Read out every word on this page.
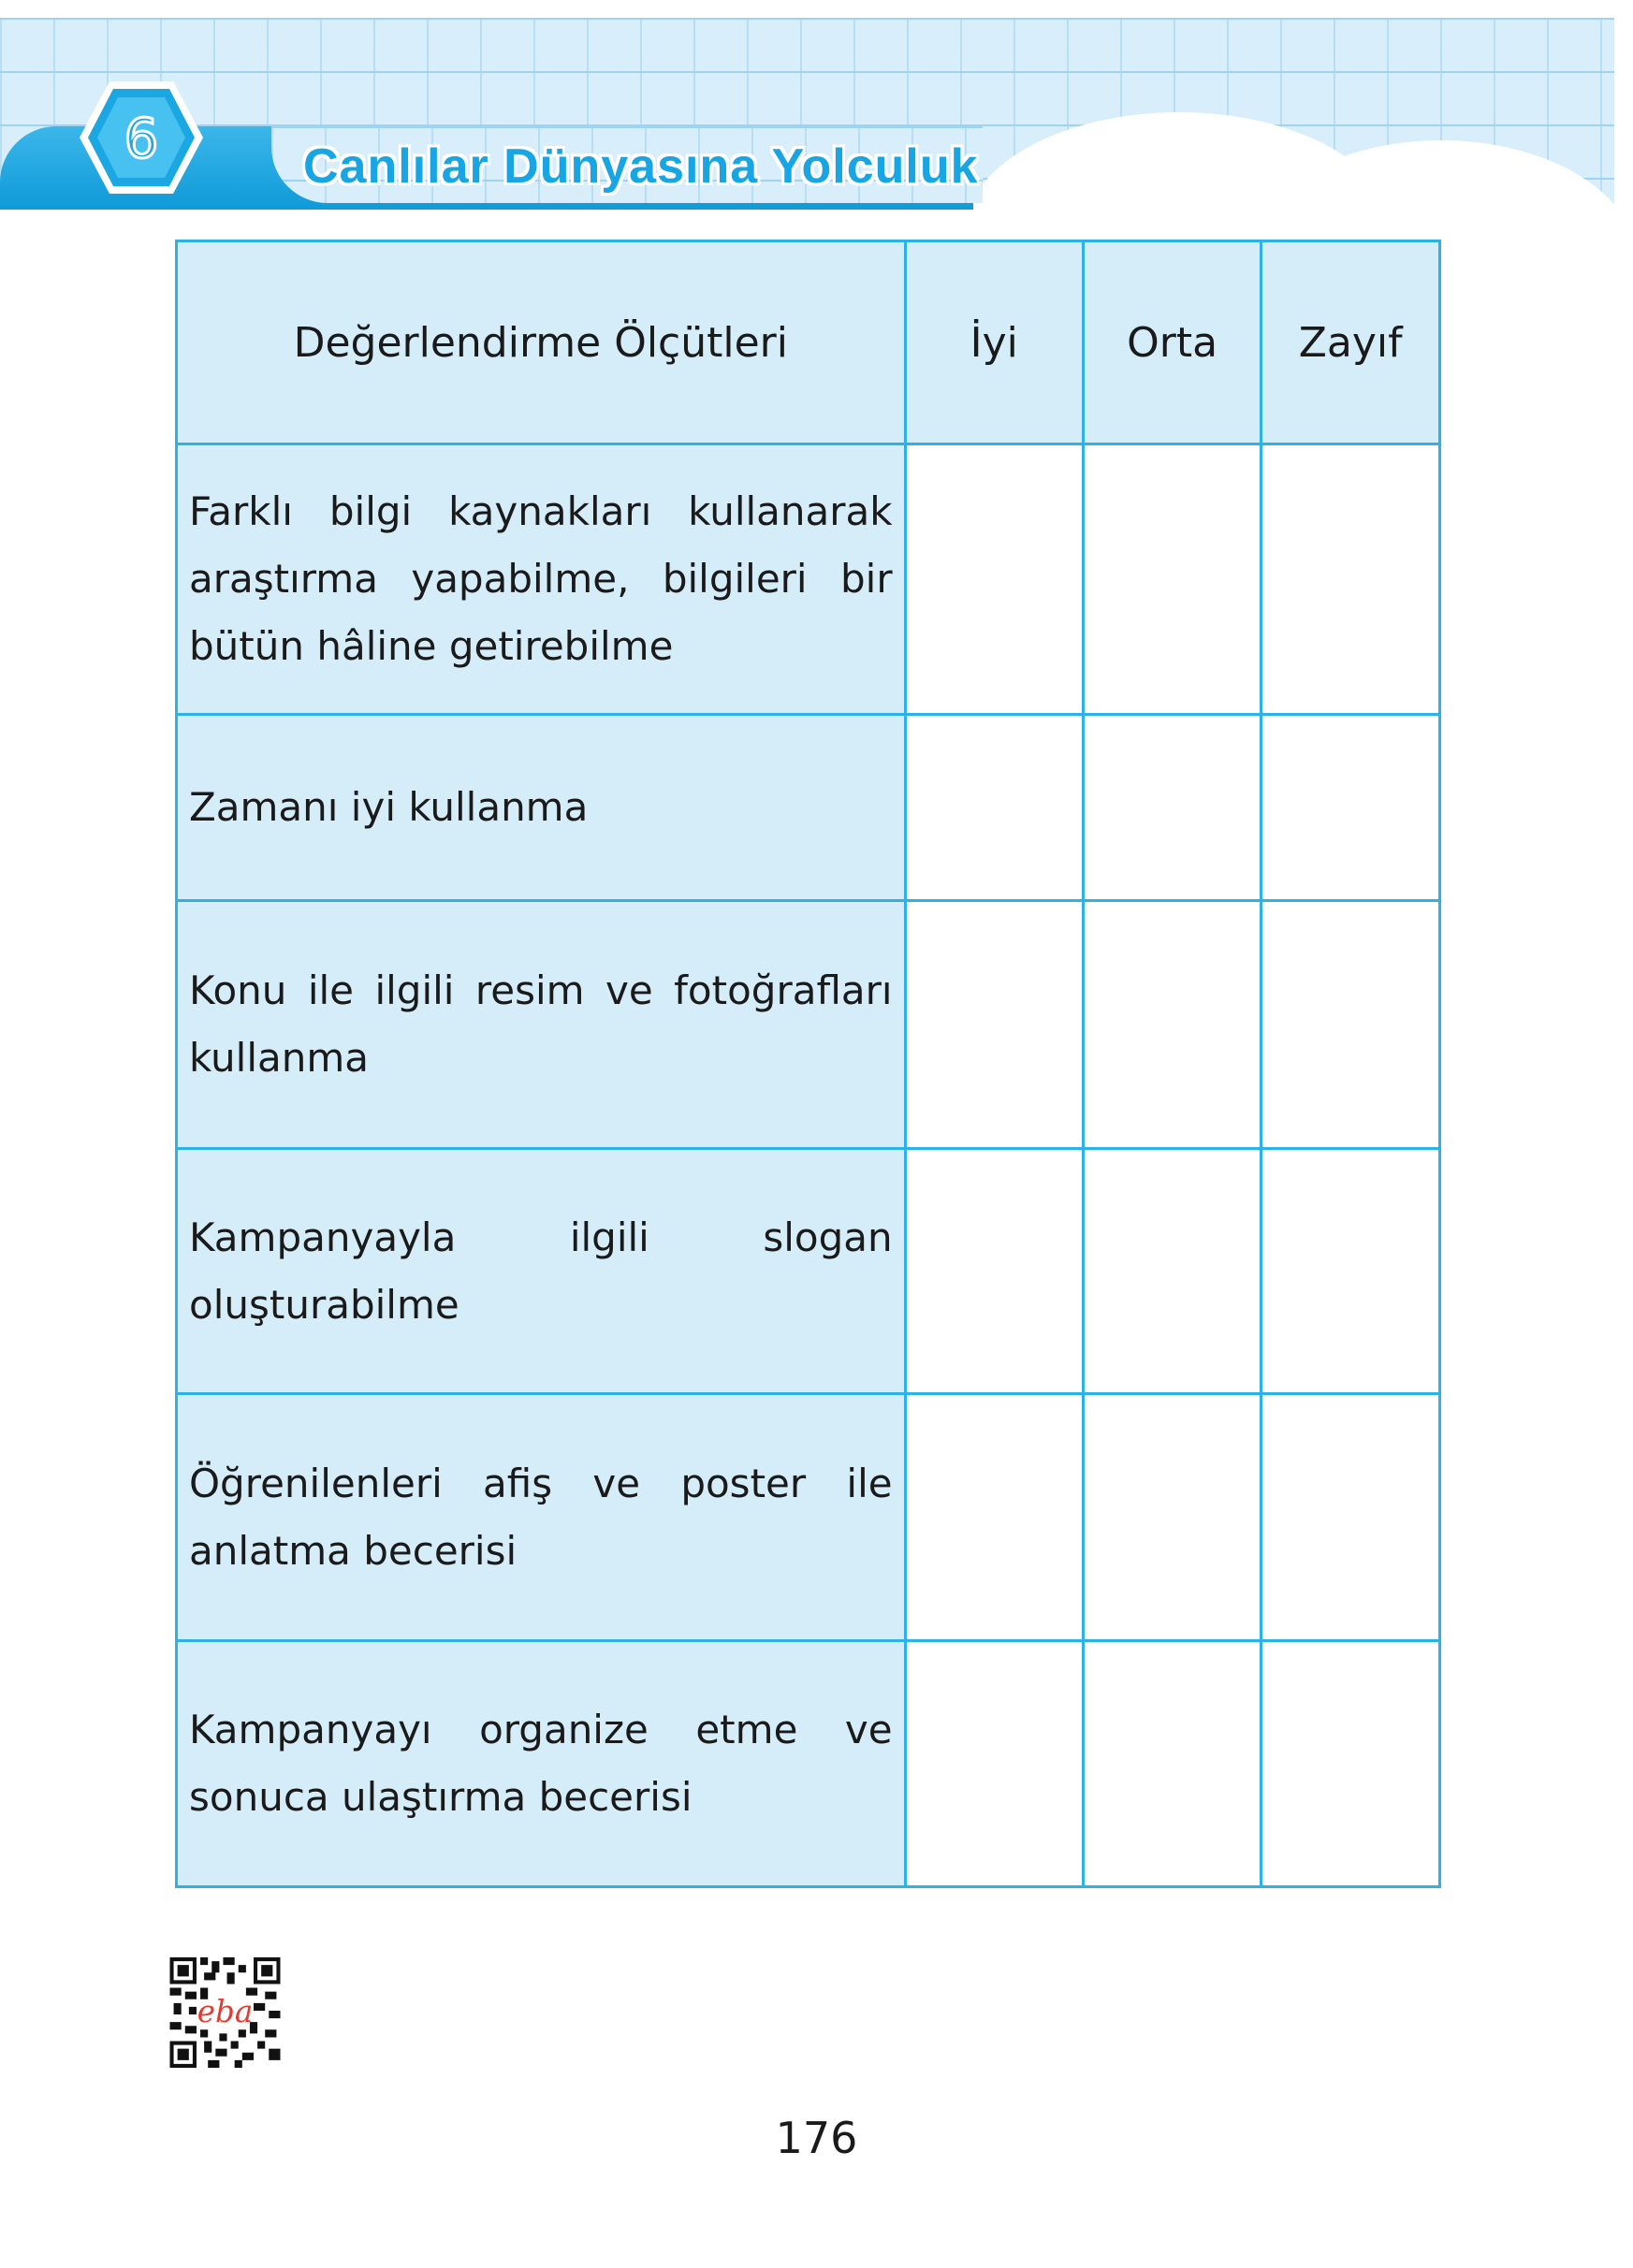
6	Canlılar Dünyasına Yolculuk
Değerlendirme Ölçütleri	İyi	Orta	Zayıf
Farklı bilgi kaynakları kullanarak araştırma yapabilme, bilgileri bir bütün hâline getirebilme			
Zamanı iyi kullanma			
Konu ile ilgili resim ve fotoğrafları kullanma			
Kampanyayla ilgili slogan oluşturabilme			
Öğrenilenleri afiş ve poster ile anlatma becerisi			
Kampanyayı organize etme ve sonuca ulaştırma becerisi			
eba
176
